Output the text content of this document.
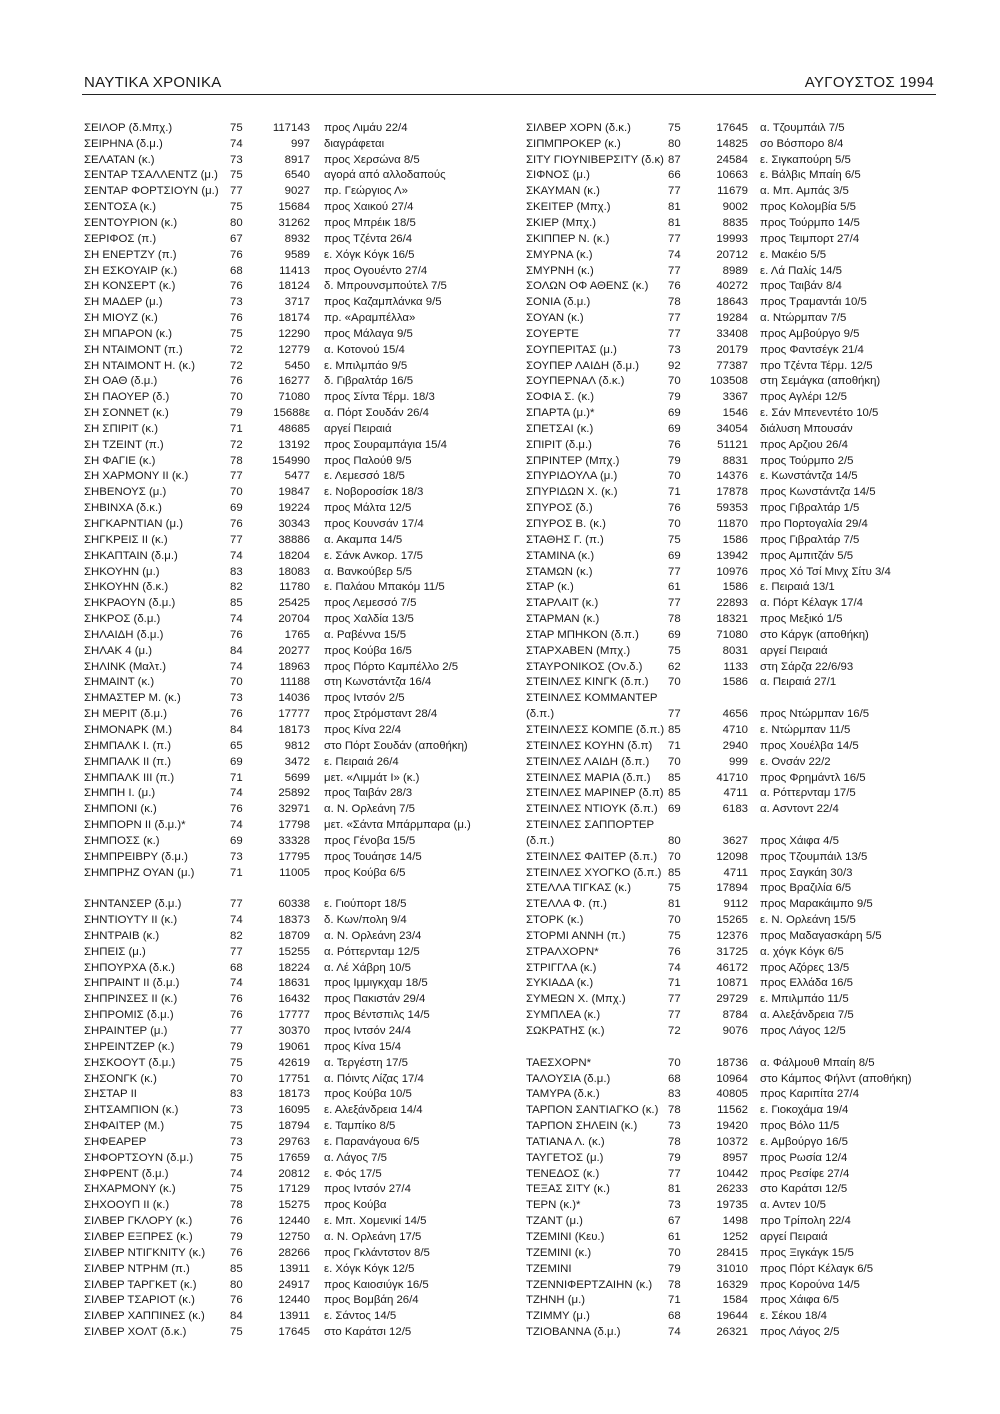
ΝΑΥΤΙΚΑ ΧΡΟΝΙΚΑ	ΑΥΓΟΥΣΤΟΣ 1994
ΣΕΙΛΟΡ (δ.Μπχ.)	75	117143	προς Λιμάυ 22/4
ΣΕΙΡΗΝΑ (δ.μ.)	74	997	διαγράφεται
ΣΕΛΑΤΑΝ (κ.)	73	8917	προς Χερσώνα 8/5
ΣΕΝΤΑΡ ΤΣΑΛΛΕΝΤΖ (μ.)	75	6540	αγορά από αλλοδαπούς
ΣΕΝΤΑΡ ΦΟΡΤΣΙΟΥΝ (μ.) 77	9027	πρ. Γεώργιος Λ»
ΣΕΝΤΟΣΑ (κ.)	75	15684	προς Χαικού 27/4
ΣΕΝΤΟΥΡΙΟΝ (κ.)	80	31262	προς Μπρέικ 18/5
ΣΕΡΙΦΟΣ (π.)	67	8932	προς Τζέντα 26/4
ΣΗ ΕΝΕΡΤΖΥ (π.)	76	9589	ε. Χόγκ Κόγκ 16/5
ΣΗ ΕΣΚΟΥΑΙΡ (κ.)	68	11413	προς Ογουέντο 27/4
ΣΗ ΚΟΝΣΕΡΤ (κ.)	76	18124	δ. Μπρουνσμπούτελ 7/5
ΣΗ ΜΑΔΕΡ (μ.)	73	3717	προς Καζαμπλάνκα 9/5
ΣΗ ΜΙΟΥΖ (κ.)	76	18174	πρ. «Αραμπέλλα»
ΣΗ ΜΠΑΡΟΝ (κ.)	75	12290	προς Μάλαγα 9/5
ΣΗ ΝΤΑΙΜΟΝΤ (π.)	72	12779	α. Κοτονού 15/4
ΣΗ ΝΤΑΙΜΟΝΤ Η. (κ.)	72	5450	ε. Μπιλμπάο 9/5
ΣΗ ΟΑΘ (δ.μ.)	76	16277	δ. Γιβραλτάρ 16/5
ΣΗ ΠΑΟΥΕΡ (δ.)	70	71080	προς Σίντα Τέρμ. 18/3
ΣΗ ΣΟΝΝΕΤ (κ.)	79	15688ε	α. Πόρτ Σουδάν 26/4
ΣΗ ΣΠΙΡΙΤ (κ.)	71	48685	αργεί Πειραιά
ΣΗ ΤΖΕΙΝΤ (π.)	72	13192	προς Σουραμπάγια 15/4
ΣΗ ΦΑΓΙΕ (κ.)	78	154990	προς Παλούθ 9/5
ΣΗ ΧΑΡΜΟΝΥ ΙΙ (κ.)	77	5477	ε. Λεμεσσό 18/5
ΣΗΒΕΝΟΥΣ (μ.)	70	19847	ε. Νοβοροσίσκ 18/3
ΣΗΒΙΝΧΑ (δ.κ.)	69	19224	προς Μάλτα 12/5
ΣΗΓΚΑΡΝΤΙΑΝ (μ.)	76	30343	προς Κουνσάν 17/4
ΣΗΓΚΡΕΙΣ ΙΙ (κ.)	77	38886	α. Ακαμπα 14/5
ΣΗΚΑΠΤΑΙΝ (δ.μ.)	74	18204	ε. Σάνκ Ανκορ. 17/5
ΣΗΚΟΥΗΝ (μ.)	83	18083	α. Βανκούβερ 5/5
ΣΗΚΟΥΗΝ (δ.κ.)	82	11780	ε. Παλάου Μπακόμ 11/5
ΣΗΚΡΑΟΥΝ (δ.μ.)	85	25425	προς Λεμεσσό 7/5
ΣΗΚΡΟΣ (δ.μ.)	74	20704	προς Χαλδία 13/5
ΣΗΛΑΙΔΗ (δ.μ.)	76	1765	α. Ραβέννα 15/5
ΣΗΛΑΚ 4 (μ.)	84	20277	προς Κούβα 16/5
ΣΗΛΙΝΚ (Μαλτ.)	74	18963	προς Πόρτο Καμπέλλο 2/5
ΣΗΜΑΙΝΤ (κ.)	70	11188	στη Κωνστάντζα 16/4
ΣΗΜΑΣΤΕΡ Μ. (κ.)	73	14036	προς Ιντσόν 2/5
ΣΗ ΜΕΡΙΤ (δ.μ.)	76	17777	προς Στρόμσταντ 28/4
ΣΗΜΟΝΑΡΚ (Μ.)	84	18173	προς Κίνα 22/4
ΣΗΜΠΑΛΚ Ι. (π.)	65	9812	στο Πόρτ Σουδάν (αποθήκη)
ΣΗΜΠΑΛΚ ΙΙ (π.)	69	3472	ε. Πειραιά 26/4
ΣΗΜΠΑΛΚ ΙΙΙ (π.)	71	5699	μετ. «Λιμμάτ Ι» (κ.)
ΣΗΜΠΗ Ι. (μ.)	74	25892	προς Ταιβάν 28/3
ΣΗΜΠΟΝΙ (κ.)	76	32971	α. Ν. Ορλεάνη 7/5
ΣΗΜΠΟΡΝ ΙΙ (δ.μ.)*	74	17798	μετ. «Σάντα Μπάρμπαρα (μ.)
ΣΗΜΠΟΣΣ (κ.)	69	33328	προς Γένοβα 15/5
ΣΗΜΠΡΕΙΒΡΥ (δ.μ.)	73	17795	προς Τουάησε 14/5
ΣΗΜΠΡΗΖ ΟΥΑΝ (μ.)	71	11005	προς Κούβα 6/5
ΣΗΝΤΑΝΣΕΡ (δ.μ.)	77	60338	ε. Γιούπορτ 18/5
ΣΗΝΤΙΟΥΤΥ ΙΙ (κ.)	74	18373	δ. Κων/πολη 9/4
ΣΗΝΤΡΑΙΒ (κ.)	82	18709	α. Ν. Ορλεάνη 23/4
ΣΗΠΕΙΣ (μ.)	77	15255	α. Ρόττερνταμ 12/5
ΣΗΠΟΥΡΧΑ (δ.κ.)	68	18224	α. Λέ Χάβρη 10/5
ΣΗΠΡΑΙΝΤ ΙΙ (δ.μ.)	74	18631	προς Ιμμιγκχαμ 18/5
ΣΗΠΡΙΝΣΕΣ ΙΙ (κ.)	76	16432	προς Πακιστάν 29/4
ΣΗΠΡΟΜΙΣ (δ.μ.)	76	17777	προς Βέντσπιλς 14/5
ΣΗΡΑΙΝΤΕΡ (μ.)	77	30370	προς Ιντσόν 24/4
ΣΗΡΕΙΝΤΖΕΡ (κ.)	79	19061	προς Κίνα 15/4
ΣΗΣΚΟΟΥΤ (δ.μ.)	75	42619	α. Τεργέστη 17/5
ΣΗΣΟΝΓΚ (κ.)	70	17751	α. Πόιντς Λίζας 17/4
ΣΗΣΤΑΡ ΙΙ	83	18173	προς Κούβα 10/5
ΣΗΤΣΑΜΠΙΟΝ (κ.)	73	16095	ε. Αλεξάνδρεια 14/4
ΣΗΦΑΙΤΕΡ (Μ.)	75	18794	ε. Ταμπίκο 8/5
ΣΗΦΕΑΡΕΡ	73	29763	ε. Παρανάγουα 6/5
ΣΗΦΟΡΤΣΟΥΝ (δ.μ.)	75	17659	α. Λάγος 7/5
ΣΗΦΡΕΝΤ (δ.μ.)	74	20812	ε. Φός 17/5
ΣΗΧΑΡΜΟΝΥ (κ.)	75	17129	προς Ιντσόν 27/4
ΣΗΧΟΟΥΠ ΙΙ (κ.)	78	15275	προς Κούβα
ΣΙΛΒΕΡ ΓΚΛΟΡΥ (κ.)	76	12440	ε. Μπ. Χομενικί 14/5
ΣΙΛΒΕΡ ΕΞΠΡΕΣ (κ.)	79	12750	α. Ν. Ορλεάνη 17/5
ΣΙΛΒΕΡ ΝΤΙΓΚΝΙΤΥ (κ.)	76	28266	προς Γκλάντστον 8/5
ΣΙΛΒΕΡ ΝΤΡΗΜ (π.)	85	13911	ε. Χόγκ Κόγκ 12/5
ΣΙΛΒΕΡ ΤΑΡΓΚΕΤ (κ.)	80	24917	προς Καιοσιύγκ 16/5
ΣΙΛΒΕΡ ΤΣΑΡΙΟΤ (κ.)	76	12440	προς Βομβάη 26/4
ΣΙΛΒΕΡ ΧΑΠΠΙΝΕΣ (κ.)	84	13911	ε. Σάντος 14/5
ΣΙΛΒΕΡ ΧΟΛΤ (δ.κ.)	75	17645	στο Καράτσι 12/5
ΣΙΛΒΕΡ ΧΟΡΝ (δ.κ.)	75	17645	α. Τζουμπάιλ 7/5
ΣΙΠΜΠΡΟΚΕΡ (κ.)	80	14825	σο Βόσπορο 8/4
ΣΙΤΥ ΓΙΟΥΝΙΒΕΡΣΙΤΥ (δ.κ) 87	24584	ε. Σιγκαπούρη 5/5
ΣΙΦΝΟΣ (μ.)	66	10663	ε. Βάλβις Μπαίη 6/5
ΣΚΑΥΜΑΝ (κ.)	77	11679	α. Μπ. Αμπάς 3/5
ΣΚΕΙΤΕΡ (Μπχ.)	81	9002	προς Κολομβία 5/5
ΣΚΙΕΡ (Μπχ.)	81	8835	προς Τούρμπο 14/5
ΣΚΙΠΠΕΡ Ν. (κ.)	77	19993	προς Τειμπορτ 27/4
ΣΜΥΡΝΑ (κ.)	74	20712	ε. Μακέιο 5/5
ΣΜΥΡΝΗ (κ.)	77	8989	ε. Λά Παλίς 14/5
ΣΟΛΩΝ ΟΦ ΑΘΕΝΣ (κ.)	76	40272	προς Ταιβάν 8/4
ΣΟΝΙΑ (δ.μ.)	78	18643	προς Τραμαντάι 10/5
ΣΟΥΑΝ (κ.)	77	19284	α. Ντώρμπαν 7/5
ΣΟΥΕΡΤΕ	77	33408	προς Αμβούργο 9/5
ΣΟΥΠΕΡΙΤΑΣ (μ.)	73	20179	προς Φαντσέγκ 21/4
ΣΟΥΠΕΡ ΛΑΙΔΗ (δ.μ.)	92	77387	προ Τζέντα Τέρμ. 12/5
ΣΟΥΠΕΡΝΑΛ (δ.κ.)	70	103508	στη Σεμάγκα (αποθήκη)
ΣΟΦΙΑ Σ. (κ.)	79	3367	προς Αγλέρι 12/5
ΣΠΑΡΤΑ (μ.)*	69	1546	ε. Σάν Μπενεντέτο 10/5
ΣΠΕΤΣΑΙ (κ.)	69	34054	διάλυση Μπουσάν
ΣΠΙΡΙΤ (δ.μ.)	76	51121	προς Αρζιου 26/4
ΣΠΡΙΝΤΕΡ (Μπχ.)	79	8831	προς Τούρμπο 2/5
ΣΠΥΡΙΔΟΥΛΑ (μ.)	70	14376	ε. Κωνστάντζα 14/5
ΣΠΥΡΙΔΩΝ Χ. (κ.)	71	17878	προς Κωνστάντζα 14/5
ΣΠΥΡΟΣ (δ.)	76	59353	προς Γιβραλτάρ 1/5
ΣΠΥΡΟΣ Β. (κ.)	70	11870	προ Πορτογαλία 29/4
ΣΤΑΘΗΣ Γ. (π.)	75	1586	προς Γιβραλτάρ 7/5
ΣΤΑΜΙΝΑ (κ.)	69	13942	προς Αμπιτζάν 5/5
ΣΤΑΜΩΝ (κ.)	77	10976	προς Χό Τσί Μινχ Σίτυ 3/4
ΣΤΑΡ (κ.)	61	1586	ε. Πειραιά 13/1
ΣΤΑΡΛΑΙΤ (κ.)	77	22893	α. Πόρτ Κέλαγκ 17/4
ΣΤΑΡΜΑΝ (κ.)	78	18321	προς Μεξικό 1/5
ΣΤΑΡ ΜΠΗΚΟΝ (δ.π.)	69	71080	στο Κάργκ (αποθήκη)
ΣΤΑΡΧΑΒΕΝ (Μπχ.)	75	8031	αργεί Πειραιά
ΣΤΑΥΡΟΝΙΚΟΣ (Ον.δ.)	62	1133	στη Σάρζα 22/6/93
ΣΤΕΙΝΛΕΣ ΚΙΝΓΚ (δ.π.)	70	1586	α. Πειραιά 27/1
ΣΤΕΙΝΛΕΣ ΚΟΜΜΑΝΤΕΡ
(δ.π.)	77	4656	προς Ντώρμπαν 16/5
ΣΤΕΙΝΛΕΣΣ ΚΟΜΠΕ (δ.π.) 85	4710	ε. Ντώρμπαν 11/5
ΣΤΕΙΝΛΕΣ ΚΟΥΗΝ (δ.π)	71	2940	προς Χουέλβα 14/5
ΣΤΕΙΝΛΕΣ ΛΑΙΔΗ (δ.π.)	70	999	ε. Ονσάν 22/2
ΣΤΕΙΝΛΕΣ ΜΑΡΙΑ (δ.π.)	85	41710	προς Φρημάντλ 16/5
ΣΤΕΙΝΛΕΣ ΜΑΡΙΝΕΡ (δ.π) 85	4711	α. Ρόττερνταμ 17/5
ΣΤΕΙΝΛΕΣ ΝΤΙΟΥΚ (δ.π.) 69	6183	α. Ασντοντ 22/4
ΣΤΕΙΝΛΕΣ ΣΑΠΠΟΡΤΕΡ
(δ.π.)	80	3627	προς Χάιφα 4/5
ΣΤΕΙΝΛΕΣ ΦΑΙΤΕΡ (δ.π.) 70	12098	προς Τζουμπάιλ 13/5
ΣΤΕΙΝΛΕΣ ΧΥΟΓΚΟ (δ.π.) 85	4711	προς Σαγκάη 30/3
ΣΤΕΛΛΑ ΤΙΓΚΑΣ (κ.)	75	17894	προς Βραζιλία 6/5
ΣΤΕΛΛΑ Φ. (π.)	81	9112	προς Μαρακάιμπο 9/5
ΣΤΟΡΚ (κ.)	70	15265	ε. Ν. Ορλεάνη 15/5
ΣΤΟΡΜΙ ΑΝΝΗ (π.)	75	12376	προς Μαδαγασκάρη 5/5
ΣΤΡΑΛΧΟΡΝ*	76	31725	α. χόγκ Κόγκ 6/5
ΣΤΡΙΓΓΛΑ (κ.)	74	46172	προς Αζόρες 13/5
ΣΥΚΙΑΔΑ (κ.)	71	10871	προς Ελλάδα 16/5
ΣΥΜΕΩΝ Χ. (Μπχ.)	77	29729	ε. Μπιλμπάο 11/5
ΣΥΜΠΛΕΑ (κ.)	77	8784	α. Αλεξάνδρεια 7/5
ΣΩΚΡΑΤΗΣ (κ.)	72	9076	προς Λάγος 12/5
ΤΑΕΣΧΟΡΝ*	70	18736	α. Φάλμουθ Μπαίη 8/5
ΤΑΛΟΥΣΙΑ (δ.μ.)	68	10964	στο Κάμπος Φήλντ (αποθήκη)
ΤΑΜΥΡΑ (δ.κ.)	83	40805	προς Καριπίτα 27/4
ΤΑΡΠΟΝ ΣΑΝΤΙΑΓΚΟ (κ.) 78	11562	ε. Γιοκοχάμα 19/4
ΤΑΡΠΟΝ ΣΗΛΕΙΝ (κ.)	73	19420	προς Βόλο 11/5
ΤΑΤΙΑΝΑ Λ. (κ.)	78	10372	ε. Αμβούργο 16/5
ΤΑΥΓΕΤΟΣ (μ.)	79	8957	προς Ρωσία 12/4
ΤΕΝΕΔΟΣ (κ.)	77	10442	προς Ρεσίφε 27/4
ΤΕΞΑΣ ΣΙΤΥ (κ.)	81	26233	στο Καράτσι 12/5
ΤΕΡΝ (κ.)*	73	19735	α. Αντεν 10/5
ΤΖΑΝΤ (μ.)	67	1498	προ Τρίπολη 22/4
ΤΖΕΜΙΝΙ (Κευ.)	61	1252	αργεί Πειραιά
ΤΖΕΜΙΝΙ (κ.)	70	28415	προς Ξιγκάγκ 15/5
ΤΖΕΜΙΝΙ	79	31010	προς Πόρτ Κέλαγκ 6/5
ΤΖΕΝΝΙΦΕΡΤΖΑΙΗΝ (κ.)	78	16329	προς Κορούνα 14/5
ΤΖΗΝΗ (μ.)	71	1584	προς Χάιφα 6/5
ΤΖΙΜΜΥ (μ.)	68	19644	ε. Σέκου 18/4
ΤΖΙΟΒΑΝΝΑ (δ.μ.)	74	26321	προς Λάγος 2/5
